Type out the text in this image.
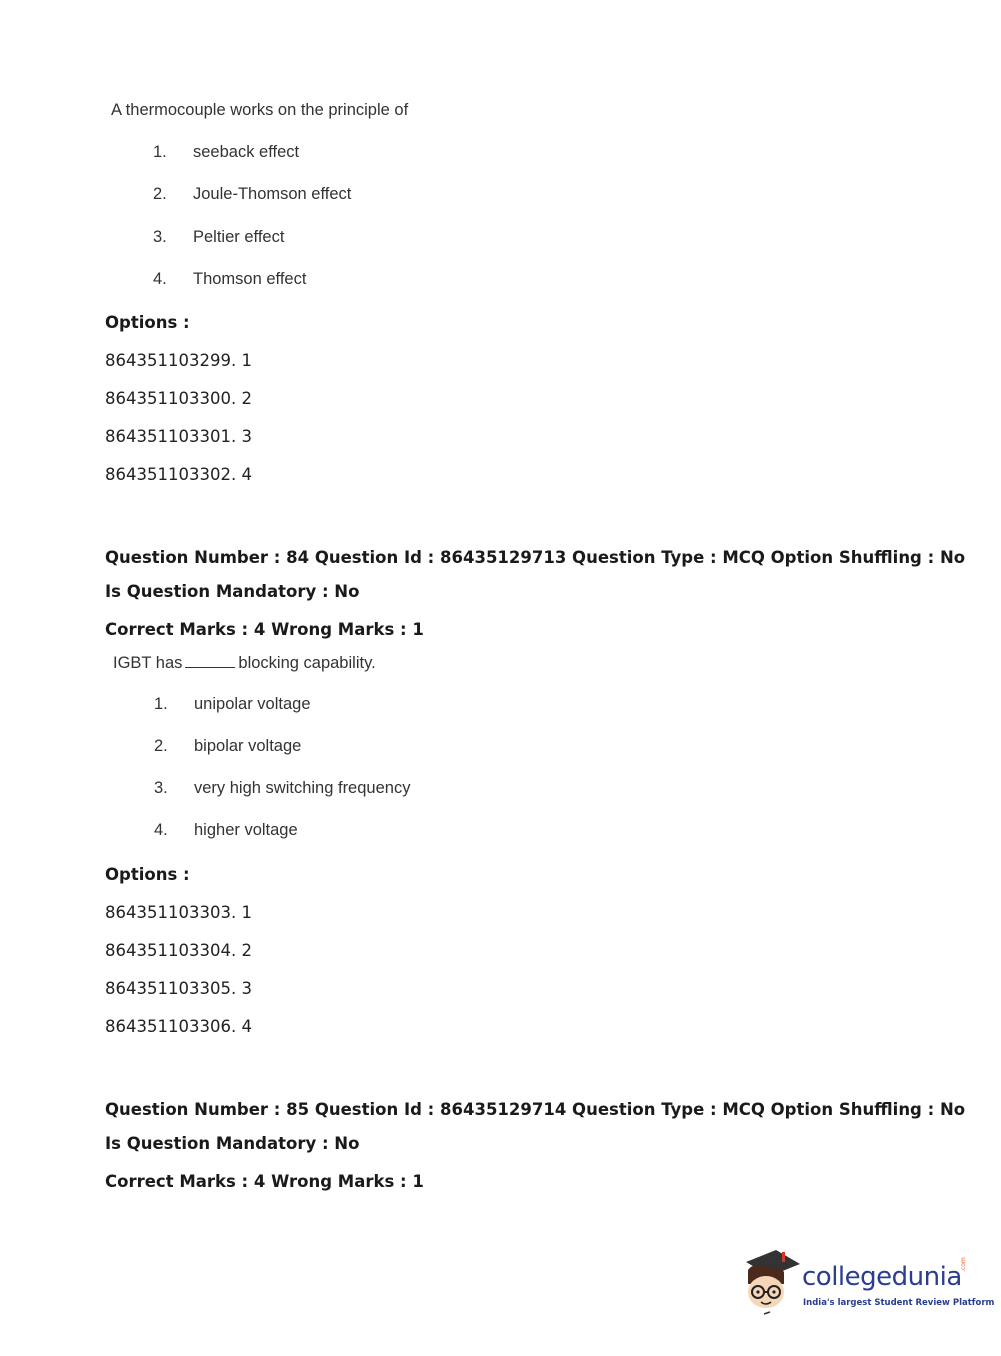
A thermocouple works on the principle of
1. seeback effect
2. Joule-Thomson effect
3. Peltier effect
4. Thomson effect
Options :
864351103299. 1
864351103300. 2
864351103301. 3
864351103302. 4
Question Number : 84 Question Id : 86435129713 Question Type : MCQ Option Shuffling : No
Is Question Mandatory : No
Correct Marks : 4 Wrong Marks : 1
IGBT has	blocking capability.
1. unipolar voltage
2. bipolar voltage
3. very high switching frequency
4. higher voltage
Options :
864351103303. 1
864351103304. 2
864351103305. 3
864351103306. 4
Question Number : 85 Question Id : 86435129714 Question Type : MCQ Option Shuffling : No
Is Question Mandatory : No
Correct Marks : 4 Wrong Marks : 1
collegedunia
.com
India's largest Student Review Platform
